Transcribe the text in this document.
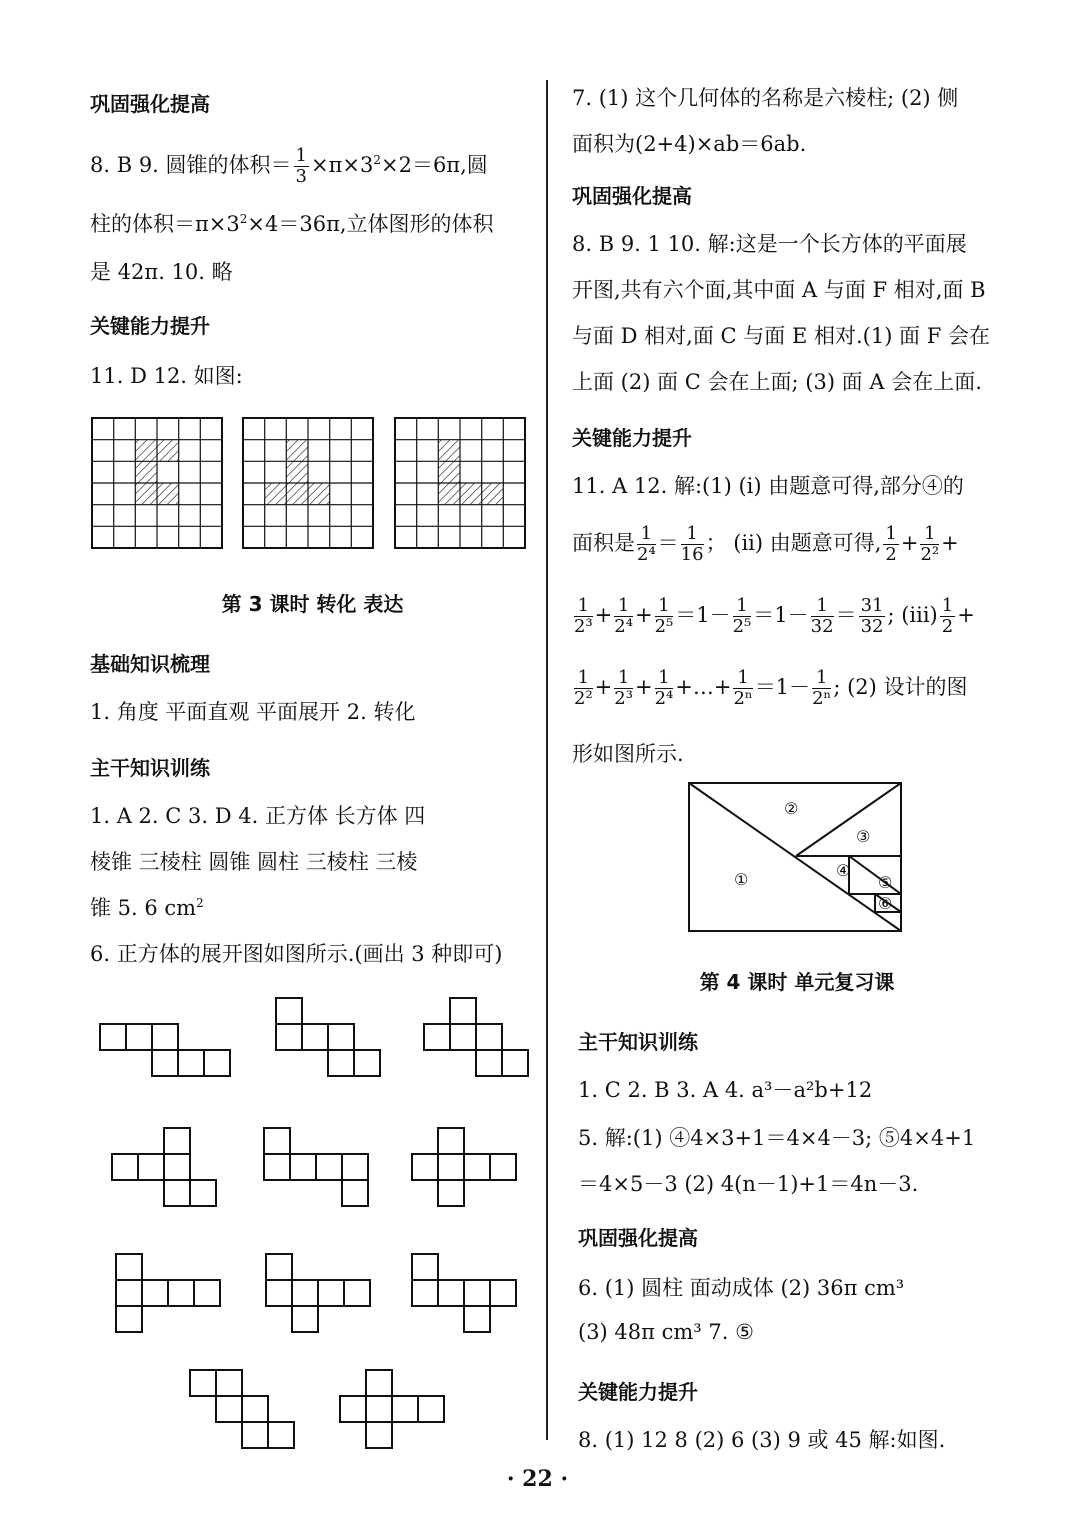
巩固强化提高
8. B 9. 圆锥的体积＝ $\frac{1}{3} \times\pi\times 3^2\times 2=6\pi$,圆
柱的体积$=\pi\times 3^2\times 4=36\pi$,立体图形的体积
是 42π. 10. 略
关键能力提升
11. D 12. 如图:
第 3 课时 转化 表达
基础知识梳理
1. 角度 平面直观 平面展开 2. 转化
主干知识训练
1. A 2. C 3. D 4. 正方体 长方体 四
棱锥 三棱柱 圆锥 圆柱 三棱柱 三棱
锥 5. 6 $cm^2$
6. 正方体的展开图如图所示.(画出 3 种即可)
7. (1) 这个几何体的名称是六棱柱; (2) 侧
面积为(2+4)×ab＝6ab.
巩固强化提高
8. B 9. 1 10. 解:这是一个长方体的平面展
开图,共有六个面,其中面 A 与面 F 相对,面 B
与面 D 相对,面 C 与面 E 相对.(1) 面 F 会在
上面 (2) 面 C 会在上面; (3) 面 A 会在上面.
关键能力提升
11. A 12. 解:(1) (i) 由题意可得,部分④的
面积是 $\frac{1}{\text{2⁴}} = \frac{1}{16}$ ； (ii) 由题意可得, $\frac{1}{2} + \frac{1}{\text{2²}}$ +
$\frac{1}{\text{2³}} + \frac{1}{\text{2⁴}} + \frac{1}{\text{2⁵}} =1- \frac{1}{\text{2⁵}} =1- \frac{1}{32} = \frac{31}{32}$ ; $(iii) \frac{1}{2}$ +
$\frac{1}{\text{2²}} + \frac{1}{\text{2³}} + \frac{1}{\text{2⁴}}$ +…+ $\frac{1}{\text{2ⁿ}} =1- \frac{1}{\text{2ⁿ}}$ ; (2) 设计的图
形如图所示.
②
③
①	④
⑤
⑥
第 4 课时 单元复习课
主干知识训练
1. C 2. B 3. A 4. a³－a²b+12
5. 解:(1) ④4×3+1＝4×4－3; ⑤4×4+1
＝4×5－3 (2) 4(n－1)+1＝4n－3.
巩固强化提高
6. (1) 圆柱 面动成体 (2) 36π cm³
(3) 48π cm³ 7. ⑤
关键能力提升
8. (1) 12 8 (2) 6 (3) 9 或 45 解:如图.
· 22 ·
